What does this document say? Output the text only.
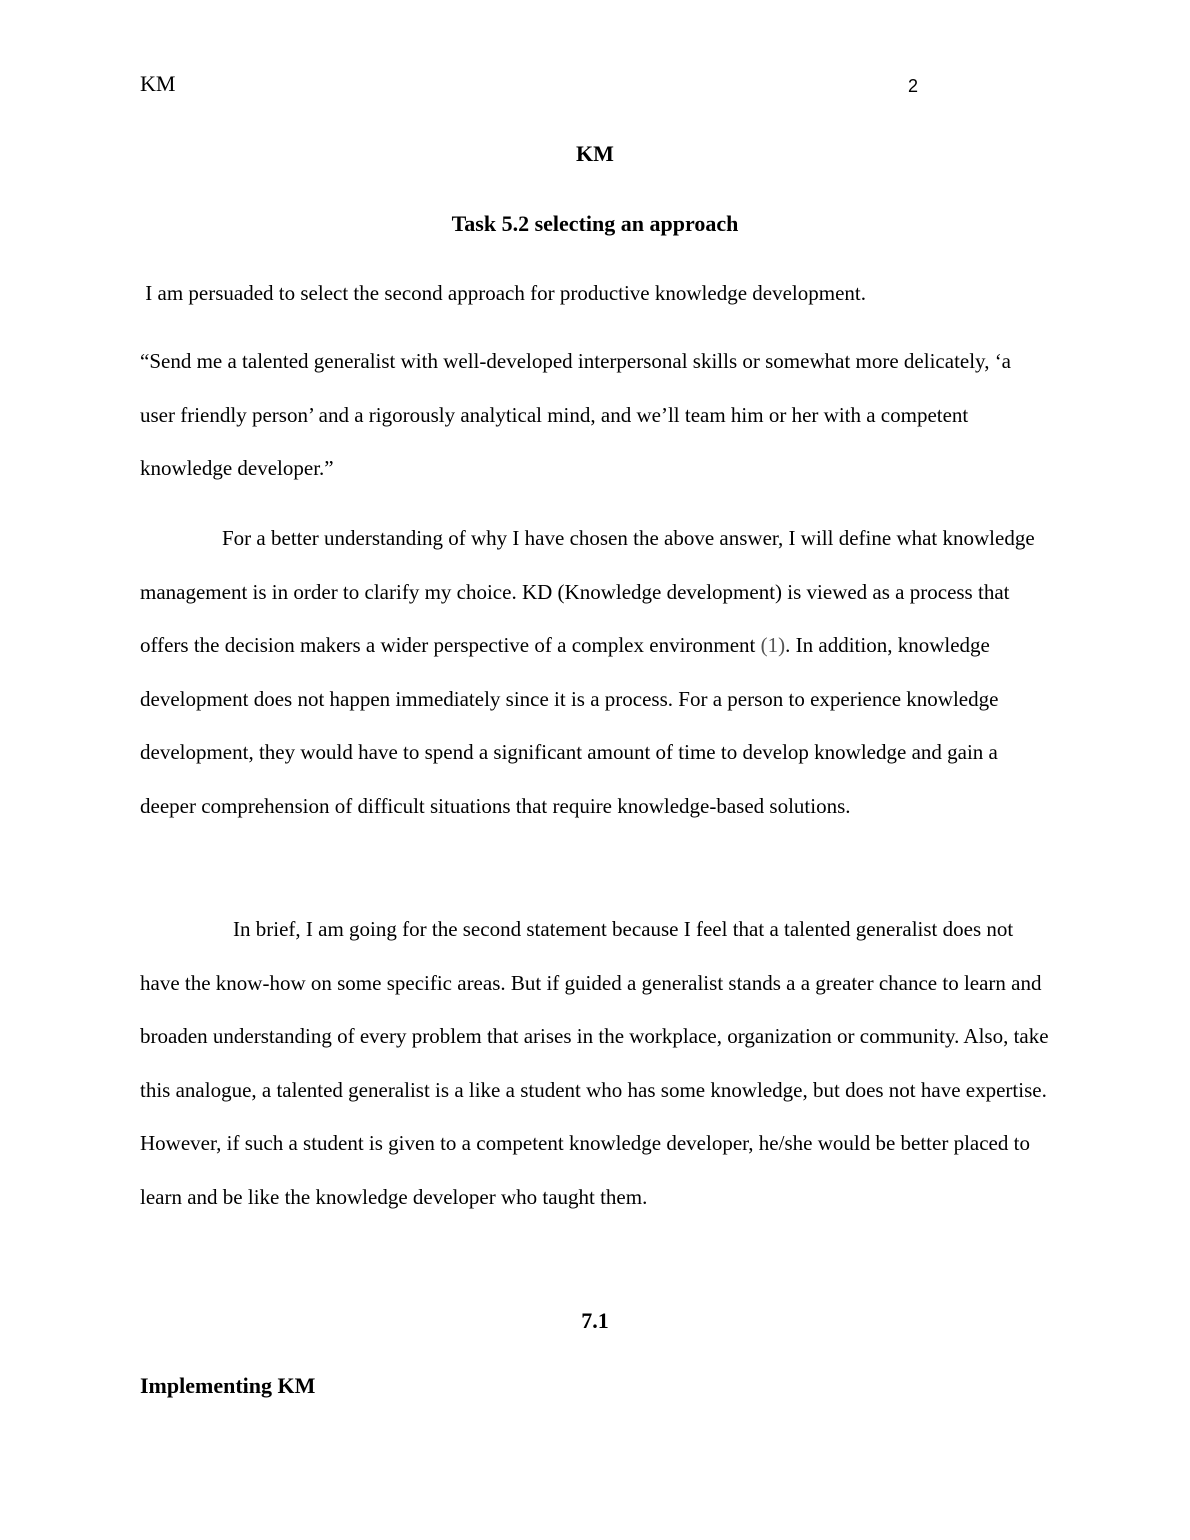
KM	2
KM
Task 5.2 selecting an approach

I am persuaded to select the second approach for productive knowledge development.

“Send me a talented generalist with well-developed interpersonal skills or somewhat more delicately, ‘a user friendly person’ and a rigorously analytical mind, and we’ll team him or her with a competent knowledge developer.”

For a better understanding of why I have chosen the above answer, I will define what knowledge management is in order to clarify my choice. KD (Knowledge development) is viewed as a process that offers the decision makers a wider perspective of a complex environment (1). In addition, knowledge development does not happen immediately since it is a process. For a person to experience knowledge development, they would have to spend a significant amount of time to develop knowledge and gain a deeper comprehension of difficult situations that require knowledge-based solutions.

In brief, I am going for the second statement because I feel that a talented generalist does not have the know-how on some specific areas. But if guided a generalist stands a a greater chance to learn and broaden understanding of every problem that arises in the workplace, organization or community. Also, take this analogue, a talented generalist is a like a student who has some knowledge, but does not have expertise. However, if such a student is given to a competent knowledge developer, he/she would be better placed to learn and be like the knowledge developer who taught them.

7.1
Implementing KM
